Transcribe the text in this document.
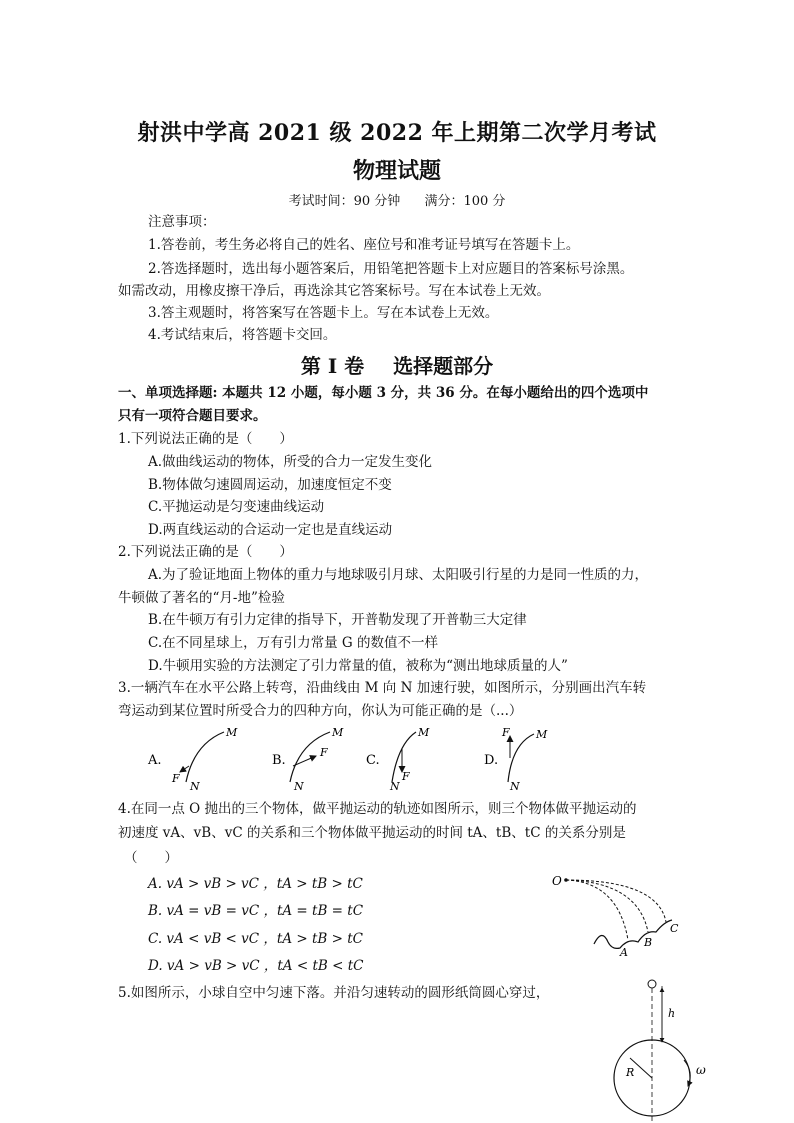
射洪中学高 2021 级 2022 年上期第二次学月考试
物理试题
考试时间：90 分钟 满分：100 分
注意事项：
1.答卷前，考生务必将自己的姓名、座位号和准考证号填写在答题卡上。
2.答选择题时，选出每小题答案后，用铅笔把答题卡上对应题目的答案标号涂黑。
如需改动，用橡皮擦干净后，再选涂其它答案标号。写在本试卷上无效。
3.答主观题时，将答案写在答题卡上。写在本试卷上无效。
4.考试结束后，将答题卡交回。
第 I 卷 选择题部分
一、单项选择题: 本题共 12 小题，每小题 3 分，共 36 分。在每小题给出的四个选项中
只有一项符合题目要求。
1.下列说法正确的是（　　）
A.做曲线运动的物体，所受的合力一定发生变化
B.物体做匀速圆周运动，加速度恒定不变
C.平抛运动是匀变速曲线运动
D.两直线运动的合运动一定也是直线运动
2.下列说法正确的是（　　）
A.为了验证地面上物体的重力与地球吸引月球、太阳吸引行星的力是同一性质的力，
牛顿做了著名的“月-地”检验
B.在牛顿万有引力定律的指导下，开普勒发现了开普勒三大定律
C.在不同星球上，万有引力常量 G 的数值不一样
D.牛顿用实验的方法测定了引力常量的值，被称为“测出地球质量的人”
3.一辆汽车在水平公路上转弯，沿曲线由 M 向 N 加速行驶，如图所示，分别画出汽车转
弯运动到某位置时所受合力的四种方向，你认为可能正确的是（...）
A.
M
N
F
B.
M
N
F
C.
M
N
F
D.
M
N
F
4.在同一点 O 抛出的三个物体，做平抛运动的轨迹如图所示，则三个物体做平抛运动的
初速度 vA、vB、vC 的关系和三个物体做平抛运动的时间 tA、tB、tC 的关系分别是
（　　）
A. vA > vB > vC ，tA > tB > tC
B. vA = vB = vC ，tA = tB = tC
C. vA < vB < vC ，tA > tB > tC
D. vA > vB > vC ，tA < tB < tC
O
A
B
C
5.如图所示，小球自空中匀速下落。并沿匀速转动的圆形纸筒圆心穿过，
h
R	ω
